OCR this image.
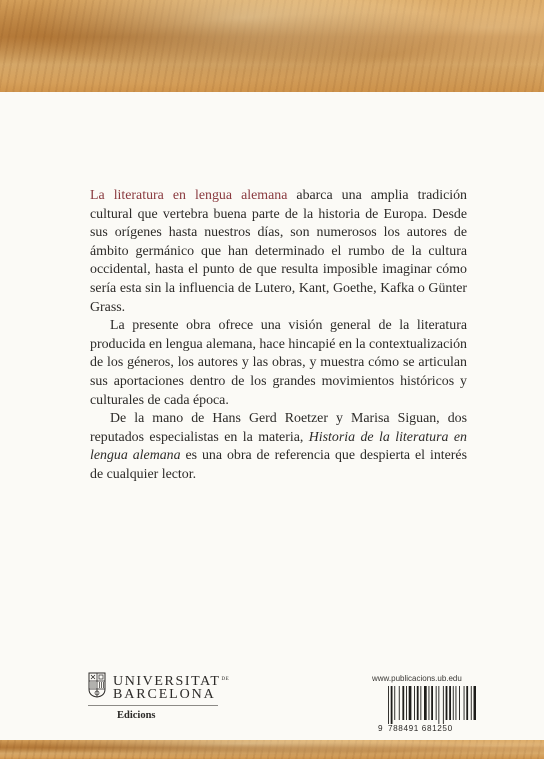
La literatura en lengua alemana abarca una amplia tradición cultural que vertebra buena parte de la historia de Europa. Desde sus orígenes hasta nuestros días, son numerosos los autores de ámbito germánico que han determinado el rumbo de la cultura occidental, hasta el punto de que resulta imposible imaginar cómo sería esta sin la influencia de Lutero, Kant, Goethe, Kafka o Günter Grass.

La presente obra ofrece una visión general de la literatura producida en lengua alemana, hace hincapié en la contextualización de los géneros, los autores y las obras, y muestra cómo se articulan sus aportaciones dentro de los grandes movimientos históricos y culturales de cada época.

De la mano de Hans Gerd Roetzer y Marisa Siguan, dos reputados especialistas en la materia, Historia de la literatura en lengua alemana es una obra de referencia que despierta el interés de cualquier lector.

$UNIVERSITAT^{DE}$
BARCELONA
Edicions
www.publicacions.ub.edu
9 788491 681250
